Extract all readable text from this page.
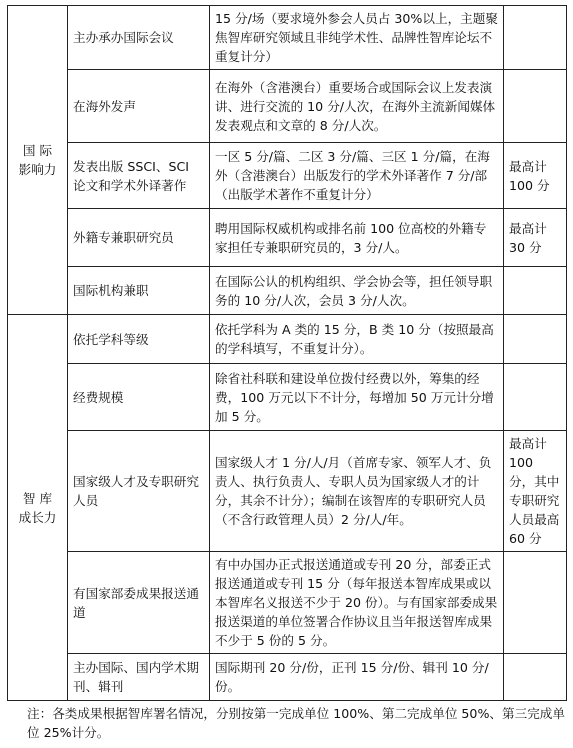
国 际
影响力	主办承办国际会议	15 分/场（要求境外参会人员占 30%以上，主题聚焦智库研究领域且非纯学术性、品牌性智库论坛不重复计分）	
	在海外发声	在海外（含港澳台）重要场合或国际会议上发表演讲、进行交流的 10 分/人次，在海外主流新闻媒体发表观点和文章的 8 分/人次。	
	发表出版 SSCI、SCI 论文和学术外译著作	一区 5 分/篇、二区 3 分/篇、三区 1 分/篇，在海外（含港澳台）出版发行的学术外译著作 7 分/部（出版学术著作不重复计分）	最高计 100 分
	外籍专兼职研究员	聘用国际权威机构或排名前 100 位高校的外籍专家担任专兼职研究员的，3 分/人。	最高计 30 分
	国际机构兼职	在国际公认的机构组织、学会协会等，担任领导职务的 10 分/人次，会员 3 分/人次。	
智 库
成长力	依托学科等级	依托学科为 A 类的 15 分，B 类 10 分（按照最高的学科填写，不重复计分）。	
	经费规模	除省社科联和建设单位拨付经费以外，筹集的经费，100 万元以下不计分，每增加 50 万元计分增加 5 分。	
	国家级人才及专职研究人员	国家级人才 1 分/人/月（首席专家、领军人才、负责人、执行负责人、专职人员为国家级人才的计分，其余不计分）；编制在该智库的专职研究人员（不含行政管理人员）2 分/人/年。	最高计 100 分，其中专职研究人员最高 60 分
	有国家部委成果报送通道	有中办国办正式报送通道或专刊 20 分，部委正式报送通道或专刊 15 分（每年报送本智库成果或以本智库名义报送不少于 20 份）。与有国家部委成果报送渠道的单位签署合作协议且当年报送智库成果不少于 5 份的 5 分。	
	主办国际、国内学术期刊、辑刊	国际期刊 20 分/份，正刊 15 分/份、辑刊 10 分/份。	
注：各类成果根据智库署名情况，分别按第一完成单位 100%、第二完成单位 50%、第三完成单位 25%计分。
